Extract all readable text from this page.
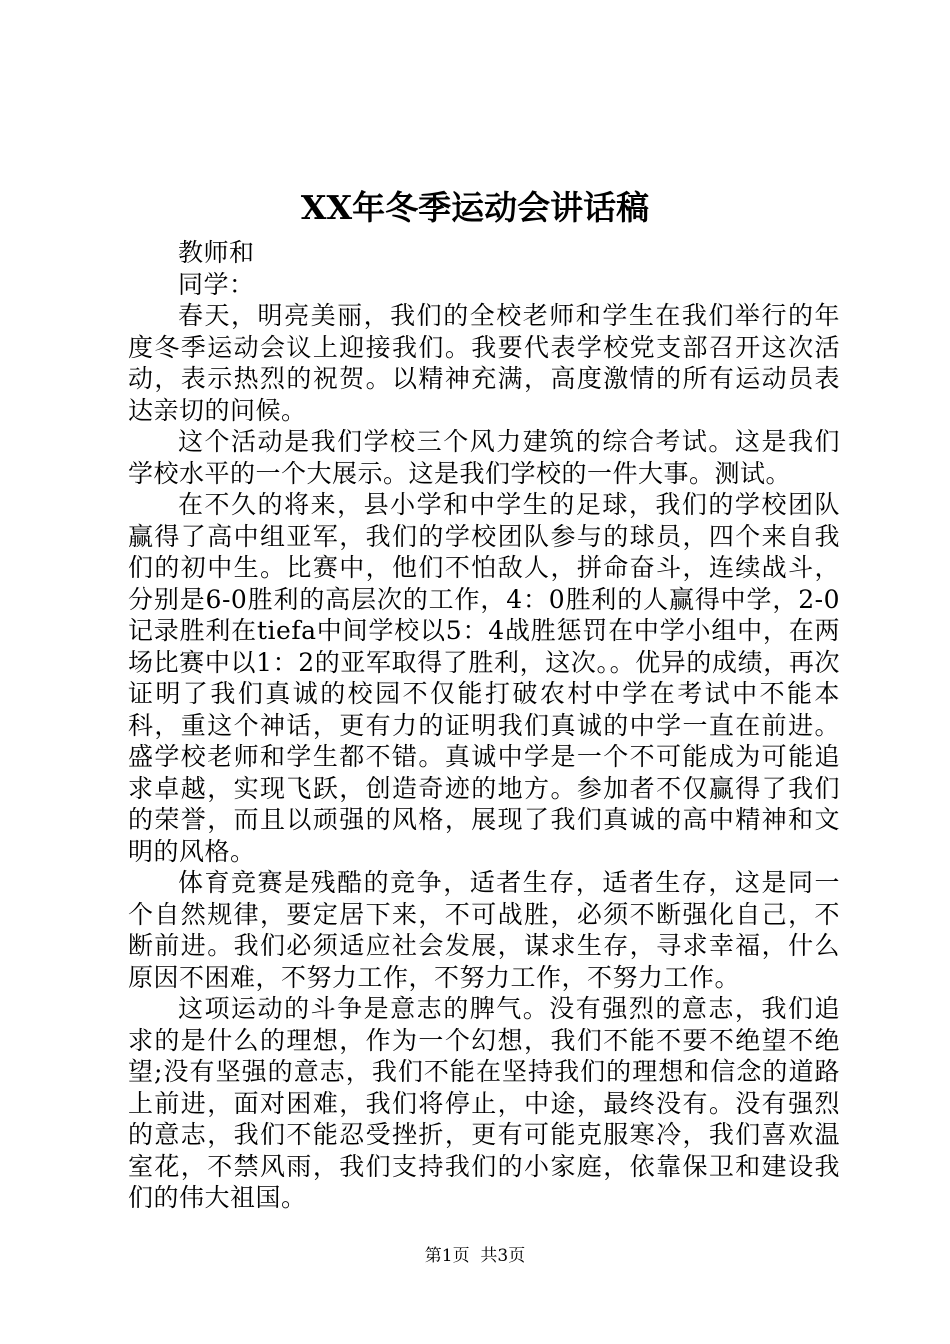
XX年冬季运动会讲话稿

教师和

同学：

春天，明亮美丽，我们的全校老师和学生在我们举行的年度冬季运动会议上迎接我们。我要代表学校党支部召开这次活动，表示热烈的祝贺。以精神充满，高度激情的所有运动员表达亲切的问候。

这个活动是我们学校三个风力建筑的综合考试。这是我们学校水平的一个大展示。这是我们学校的一件大事。测试。

在不久的将来，县小学和中学生的足球，我们的学校团队赢得了高中组亚军，我们的学校团队参与的球员，四个来自我们的初中生。比赛中，他们不怕敌人，拼命奋斗，连续战斗，分别是6-0胜利的高层次的工作，4：0胜利的人赢得中学，2-0记录胜利在tiefa中间学校以5：4战胜惩罚在中学小组中，在两场比赛中以1：2的亚军取得了胜利，这次。。优异的成绩，再次证明了我们真诚的校园不仅能打破农村中学在考试中不能本科，重这个神话，更有力的证明我们真诚的中学一直在前进。盛学校老师和学生都不错。真诚中学是一个不可能成为可能追求卓越，实现飞跃，创造奇迹的地方。参加者不仅赢得了我们的荣誉，而且以顽强的风格，展现了我们真诚的高中精神和文明的风格。

体育竞赛是残酷的竞争，适者生存，适者生存，这是同一个自然规律，要定居下来，不可战胜，必须不断强化自己，不断前进。我们必须适应社会发展，谋求生存，寻求幸福，什么原因不困难，不努力工作，不努力工作，不努力工作。

这项运动的斗争是意志的脾气。没有强烈的意志，我们追求的是什么的理想，作为一个幻想，我们不能不要不绝望不绝望;没有坚强的意志，我们不能在坚持我们的理想和信念的道路上前进，面对困难，我们将停止，中途，最终没有。没有强烈的意志，我们不能忍受挫折，更有可能克服寒冷，我们喜欢温室花，不禁风雨，我们支持我们的小家庭，依靠保卫和建设我们的伟大祖国。

第1页 共3页
